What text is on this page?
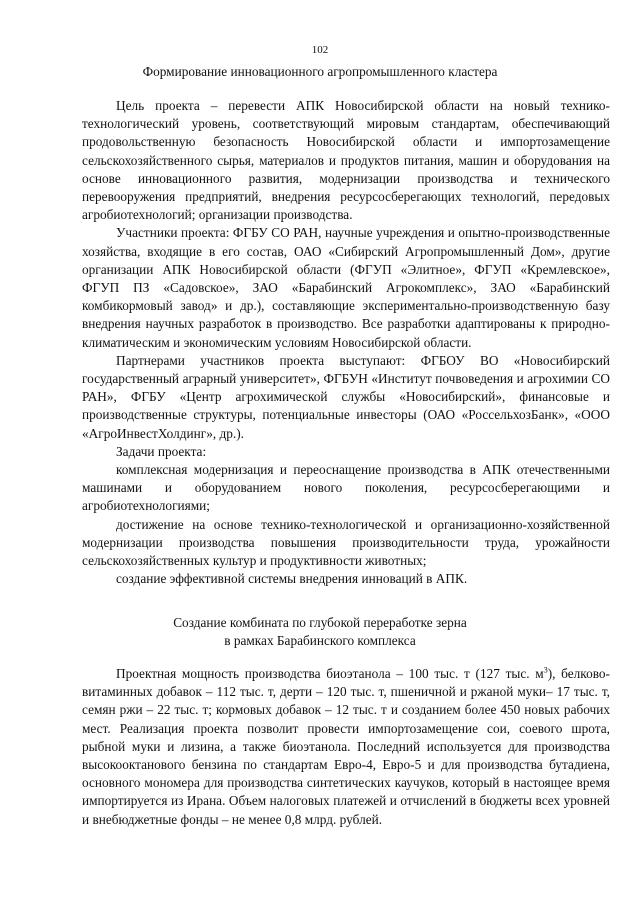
102
Формирование инновационного агропромышленного кластера

Цель проекта – перевести АПК Новосибирской области на новый технико-технологический уровень, соответствующий мировым стандартам, обеспечивающий продовольственную безопасность Новосибирской области и импортозамещение сельскохозяйственного сырья, материалов и продуктов питания, машин и оборудования на основе инновационного развития, модернизации производства и технического перевооружения предприятий, внедрения ресурсосберегающих технологий, передовых агробиотехнологий; организации производства.

Участники проекта: ФГБУ СО РАН, научные учреждения и опытно-производственные хозяйства, входящие в его состав, ОАО «Сибирский Агропромышленный Дом», другие организации АПК Новосибирской области (ФГУП «Элитное», ФГУП «Кремлевское», ФГУП ПЗ «Садовское», ЗАО «Барабинский Агрокомплекс», ЗАО «Барабинский комбикормовый завод» и др.), составляющие экспериментально-производственную базу внедрения научных разработок в производство. Все разработки адаптированы к природно-климатическим и экономическим условиям Новосибирской области.

Партнерами участников проекта выступают: ФГБОУ ВО «Новосибирский государственный аграрный университет», ФГБУН «Институт почвоведения и агрохимии СО РАН», ФГБУ «Центр агрохимической службы «Новосибирский», финансовые и производственные структуры, потенциальные инвесторы (ОАО «РоссельхозБанк», «ООО «АгроИнвестХолдинг», др.).

Задачи проекта:

комплексная модернизация и переоснащение производства в АПК отечественными машинами и оборудованием нового поколения, ресурсосберегающими и агробиотехнологиями;

достижение на основе технико-технологической и организационно-хозяйственной модернизации производства повышения производительности труда, урожайности сельскохозяйственных культур и продуктивности животных;

создание эффективной системы внедрения инноваций в АПК.

Создание комбината по глубокой переработке зерна
в рамках Барабинского комплекса

Проектная мощность производства биоэтанола – 100 тыс. т (127 тыс. $м^3$), белково-витаминных добавок – 112 тыс. т, дерти – 120 тыс. т, пшеничной и ржаной муки– 17 тыс. т, семян ржи – 22 тыс. т; кормовых добавок – 12 тыс. т и созданием более 450 новых рабочих мест. Реализация проекта позволит провести импортозамещение сои, соевого шрота, рыбной муки и лизина, а также биоэтанола. Последний используется для производства высокооктанового бензина по стандартам Евро-4, Евро-5 и для производства бутадиена, основного мономера для производства синтетических каучуков, который в настоящее время импортируется из Ирана. Объем налоговых платежей и отчислений в бюджеты всех уровней и внебюджетные фонды – не менее 0,8 млрд. рублей.
